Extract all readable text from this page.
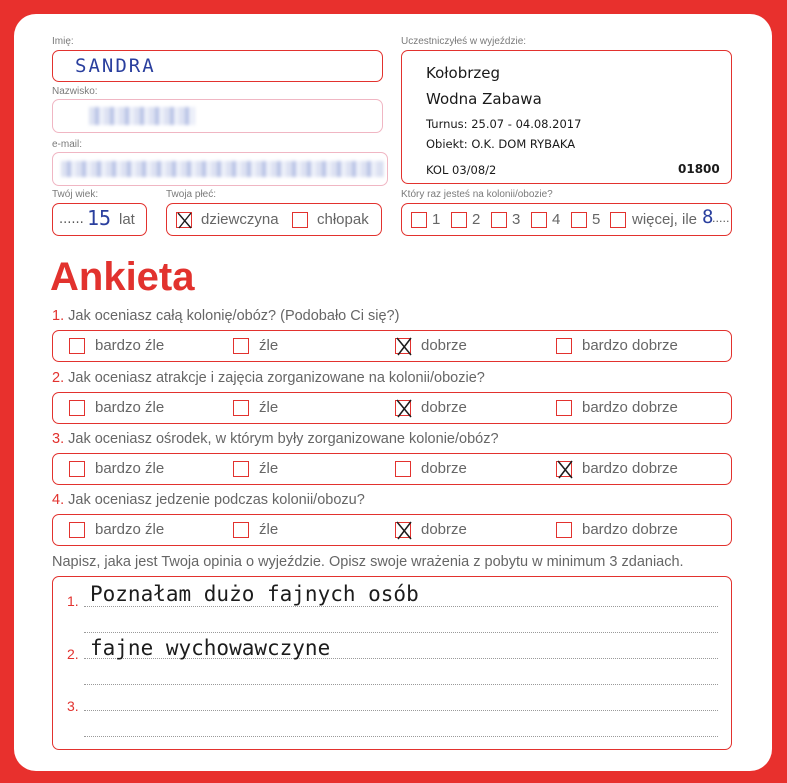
Imię:
SANDRA
Nazwisko:
e-mail:
Twój wiek:
...... 15 lat
Twoja płeć:
dziewczyna	chłopak
Uczestniczyłeś w wyjeździe:
Kołobrzeg
Wodna Zabawa
Turnus: 25.07 - 04.08.2017
Obiekt: O.K. DOM RYBAKA
KOL 03/08/2	01800
Który raz jesteś na kolonii/obozie?
1 2 3 4 5 więcej, ile 8
.....
Ankieta
1. Jak oceniasz całą kolonię/obóz? (Podobało Ci się?)
bardzo źle	źle	dobrze	bardzo dobrze
2. Jak oceniasz atrakcje i zajęcia zorganizowane na kolonii/obozie?
bardzo źle	źle	dobrze	bardzo dobrze
3. Jak oceniasz ośrodek, w którym były zorganizowane kolonie/obóz?
bardzo źle	źle	dobrze	bardzo dobrze
4. Jak oceniasz jedzenie podczas kolonii/obozu?
bardzo źle	źle	dobrze	bardzo dobrze
Napisz, jaka jest Twoja opinia o wyjeździe. Opisz swoje wrażenia z pobytu w minimum 3 zdaniach.
1.
2.
3.
Poznałam dużo fajnych osób
fajne wychowawczyne
